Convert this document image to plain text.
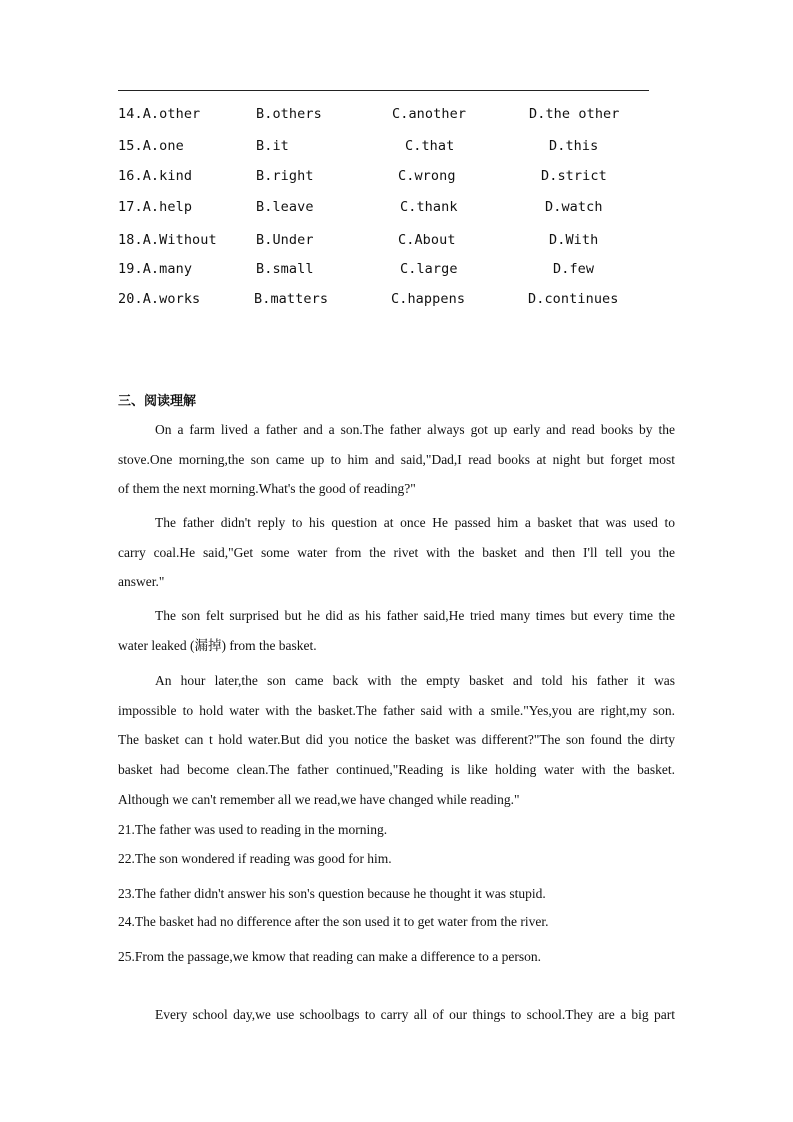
14.A.other	B.others	C.another	D.the other
15.A.one	B.it	C.that	D.this
16.A.kind	B.right	C.wrong	D.strict
17.A.help	B.leave	C.thank	D.watch
18.A.Without	B.Under	C.About	D.With
19.A.many	B.small	C.large	D.few
20.A.works	B.matters	C.happens	D.continues
三、阅读理解
On a farm lived a father and a son.The father always got up early and read books by the
stove.One morning,the son came up to him and said,"Dad,I read books at night but forget most
of them the next morning.What's the good of reading?"
The father didn't reply to his question at once He passed him a basket that was used to
carry coal.He said,"Get some water from the rivet with the basket and then I'll tell you the
answer."
The son felt surprised but he did as his father said,He tried many times but every time the
water leaked (漏掉) from the basket.
An hour later,the son came back with the empty basket and told his father it was
impossible to hold water with the basket.The father said with a smile."Yes,you are right,my son.
The basket can t hold water.But did you notice the basket was different?"The son found the dirty
basket had become clean.The father continued,"Reading is like holding water with the basket.
Although we can't remember all we read,we have changed while reading."
21.The father was used to reading in the morning.
22.The son wondered if reading was good for him.
23.The father didn't answer his son's question because he thought it was stupid.
24.The basket had no difference after the son used it to get water from the river.
25.From the passage,we kmow that reading can make a difference to a person.
Every school day,we use schoolbags to carry all of our things to school.They are a big part
